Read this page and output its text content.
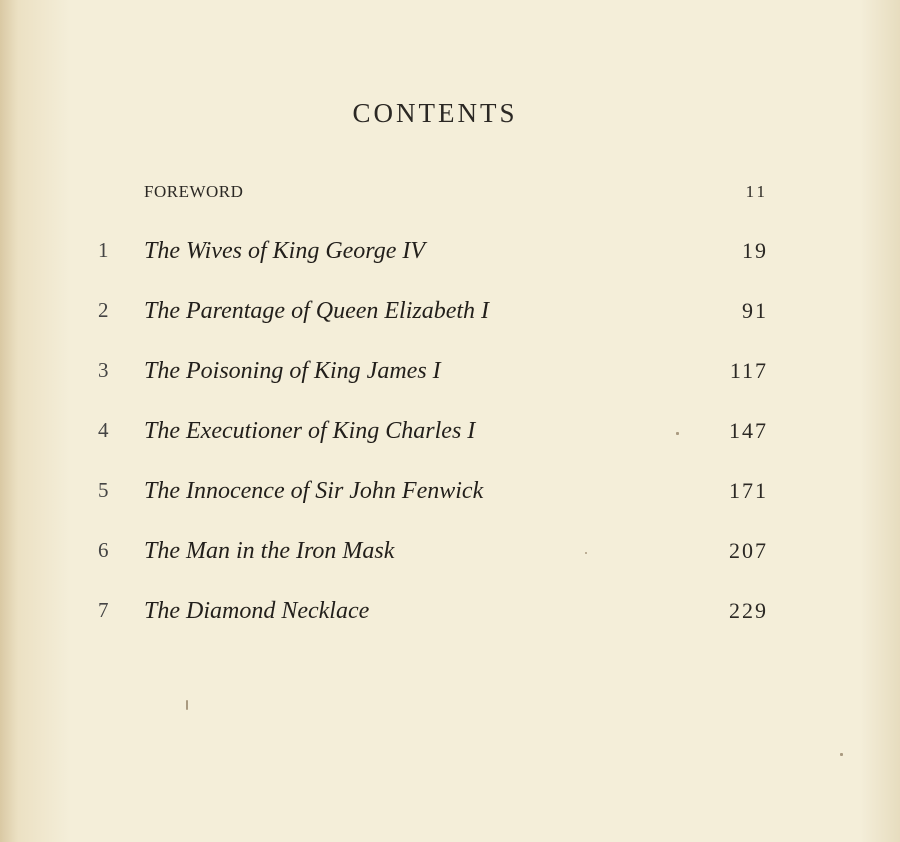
CONTENTS
FOREWORD	11
1	The Wives of King George IV	19
2	The Parentage of Queen Elizabeth I	91
3	The Poisoning of King James I	117
4	The Executioner of King Charles I	147
5	The Innocence of Sir John Fenwick	171
6	The Man in the Iron Mask	207
7	The Diamond Necklace	229
